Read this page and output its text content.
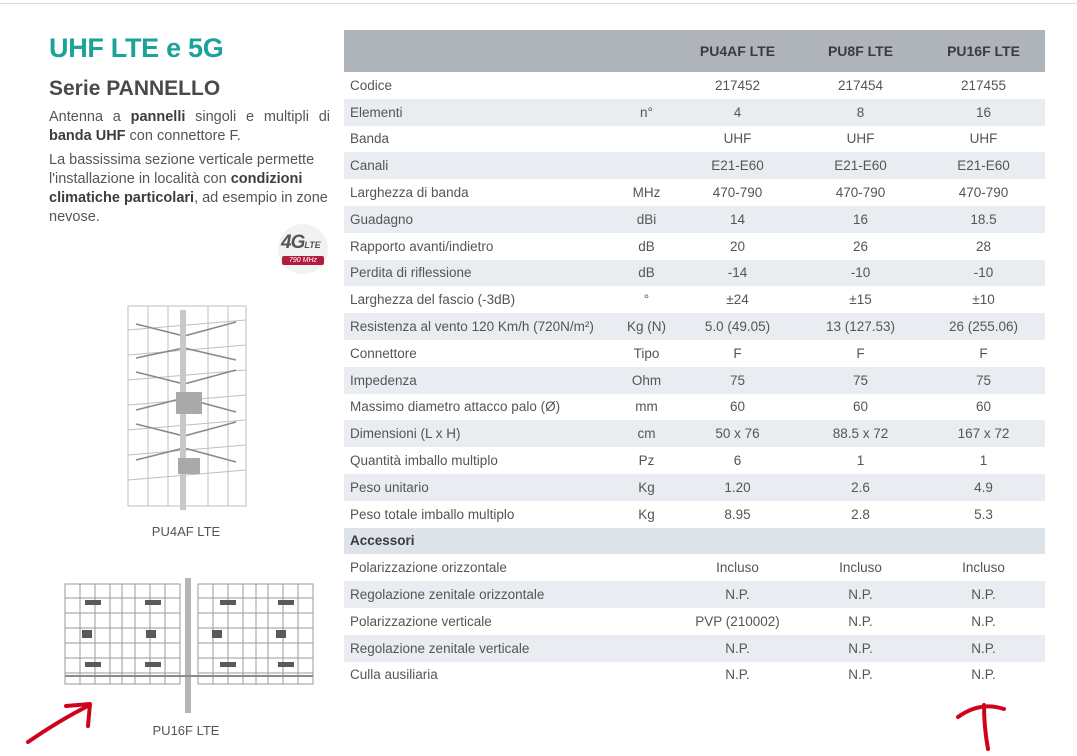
UHF LTE e 5G
Serie PANNELLO
Antenna a pannelli singoli e multipli di banda UHF con connettore F.
La bassissima sezione verticale permette l'installazione in località con condizioni climatiche particolari, ad esempio in zone nevose.
4GLTE
790 MHz
PU4AF LTE
PU16F LTE
		PU4AF LTE	PU8F LTE	PU16F LTE
Codice		217452	217454	217455
Elementi	n°	4	8	16
Banda		UHF	UHF	UHF
Canali		E21-E60	E21-E60	E21-E60
Larghezza di banda	MHz	470-790	470-790	470-790
Guadagno	dBi	14	16	18.5
Rapporto avanti/indietro	dB	20	26	28
Perdita di riflessione	dB	-14	-10	-10
Larghezza del fascio (-3dB)	°	±24	±15	±10
Resistenza al vento 120 Km/h (720N/m²)	Kg (N)	5.0 (49.05)	13 (127.53)	26 (255.06)
Connettore	Tipo	F	F	F
Impedenza	Ohm	75	75	75
Massimo diametro attacco palo (Ø)	mm	60	60	60
Dimensioni (L x H)	cm	50 x 76	88.5 x 72	167 x 72
Quantità imballo multiplo	Pz	6	1	1
Peso unitario	Kg	1.20	2.6	4.9
Peso totale imballo multiplo	Kg	8.95	2.8	5.3
Accessori				
Polarizzazione orizzontale		Incluso	Incluso	Incluso
Regolazione zenitale orizzontale		N.P.	N.P.	N.P.
Polarizzazione verticale		PVP (210002)	N.P.	N.P.
Regolazione zenitale verticale		N.P.	N.P.	N.P.
Culla ausiliaria		N.P.	N.P.	N.P.
